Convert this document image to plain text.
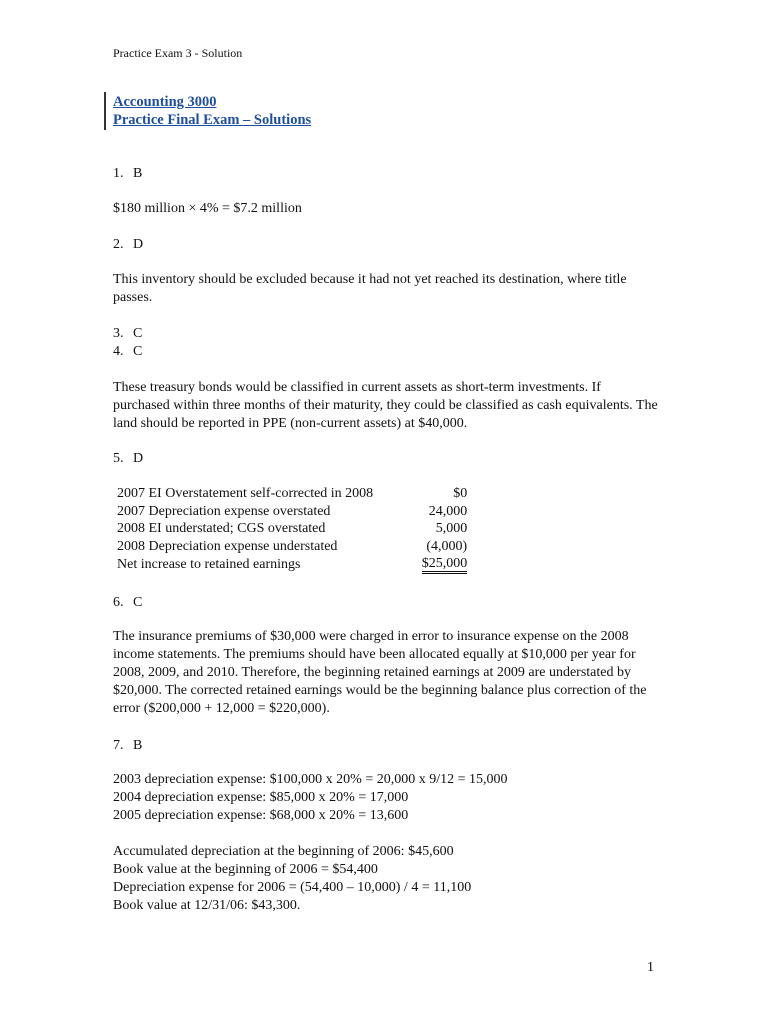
Practice Exam 3 - Solution
Accounting 3000
Practice Final Exam – Solutions
1. B
$180 million × 4% = $7.2 million
2. D
This inventory should be excluded because it had not yet reached its destination, where title passes.
3. C
4. C
These treasury bonds would be classified in current assets as short-term investments. If purchased within three months of their maturity, they could be classified as cash equivalents. The land should be reported in PPE (non-current assets) at $40,000.
5. D
2007 EI Overstatement self-corrected in 2008	$0
2007 Depreciation expense overstated	24,000
2008 EI understated; CGS overstated	5,000
2008 Depreciation expense understated	(4,000)
Net increase to retained earnings	$25,000
6. C
The insurance premiums of $30,000 were charged in error to insurance expense on the 2008 income statements. The premiums should have been allocated equally at $10,000 per year for 2008, 2009, and 2010. Therefore, the beginning retained earnings at 2009 are understated by $20,000. The corrected retained earnings would be the beginning balance plus correction of the error ($200,000 + 12,000 = $220,000).
7. B
2003 depreciation expense: $100,000 x 20% = 20,000 x 9/12 = 15,000
2004 depreciation expense: $85,000 x 20% = 17,000
2005 depreciation expense: $68,000 x 20% = 13,600
Accumulated depreciation at the beginning of 2006: $45,600
Book value at the beginning of 2006 = $54,400
Depreciation expense for 2006 = (54,400 – 10,000) / 4 = 11,100
Book value at 12/31/06: $43,300.
1
